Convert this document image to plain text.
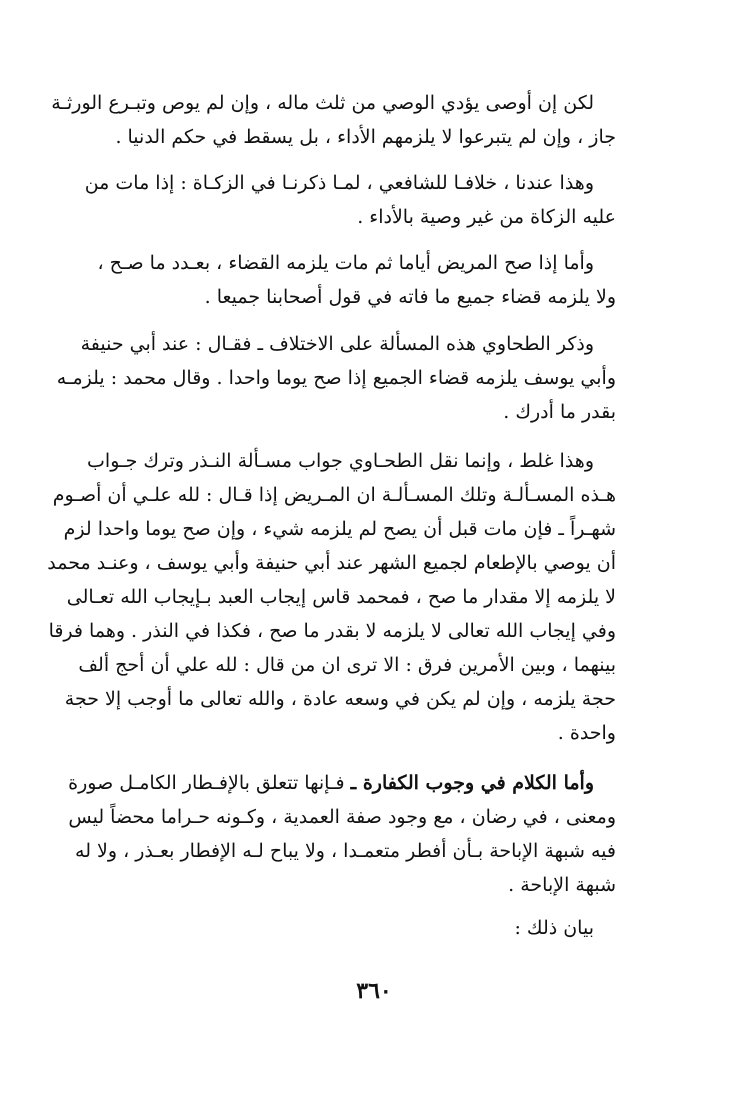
لكن إن أوصى يؤدي الوصي من ثلث ماله ، وإن لم يوص وتبـرع الورثـة
جاز ، وإن لم يتبرعوا لا يلزمهم الأداء ، بل يسقط في حكم الدنيا .
وهذا عندنا ، خلافـا للشافعي ، لمـا ذكرنـا في الزكـاة : إذا مات من
عليه الزكاة من غير وصية بالأداء .
وأما إذا صح المريض أياما ثم مات يلزمه القضاء ، بعـدد ما صـح ،
ولا يلزمه قضاء جميع ما فاته في قول أصحابنا جميعا .
وذكر الطحاوي هذه المسألة على الاختلاف ـ فقـال : عند أبي حنيفة
وأبي يوسف يلزمه قضاء الجميع إذا صح يوما واحدا . وقال محمد : يلزمـه
بقدر ما أدرك .
وهذا غلط ، وإنما نقل الطحـاوي جواب مسـألة النـذر وترك جـواب
هـذه المسـألـة وتلك المسـألـة ان المـريض إذا قـال : لله علـي أن أصـوم
شهـراً ـ فإن مات قبل أن يصح لم يلزمه شيء ، وإن صح يوما واحدا لزم
أن يوصي بالإطعام لجميع الشهر عند أبي حنيفة وأبي يوسف ، وعنـد محمد
لا يلزمه إلا مقدار ما صح ، فمحمد قاس إيجاب العبد بـإيجاب الله تعـالى
وفي إيجاب الله تعالى لا يلزمه لا بقدر ما صح ، فكذا في النذر . وهما فرقا
بينهما ، وبين الأمرين فرق : الا ترى ان من قال : لله علي أن أحج ألف
حجة يلزمه ، وإن لم يكن في وسعه عادة ، والله تعالى ما أوجب إلا حجة
واحدة .
وأما الكلام في وجوب الكفارة ـ فـإنها تتعلق بالإفـطار الكامـل صورة
ومعنى ، في رضان ، مع وجود صفة العمدية ، وكـونه حـراما محضاً ليس
فيه شبهة الإباحة بـأن أفطر متعمـدا ، ولا يباح لـه الإفطار بعـذر ، ولا له
شبهة الإباحة .
بيان ذلك :
٣٦٠
